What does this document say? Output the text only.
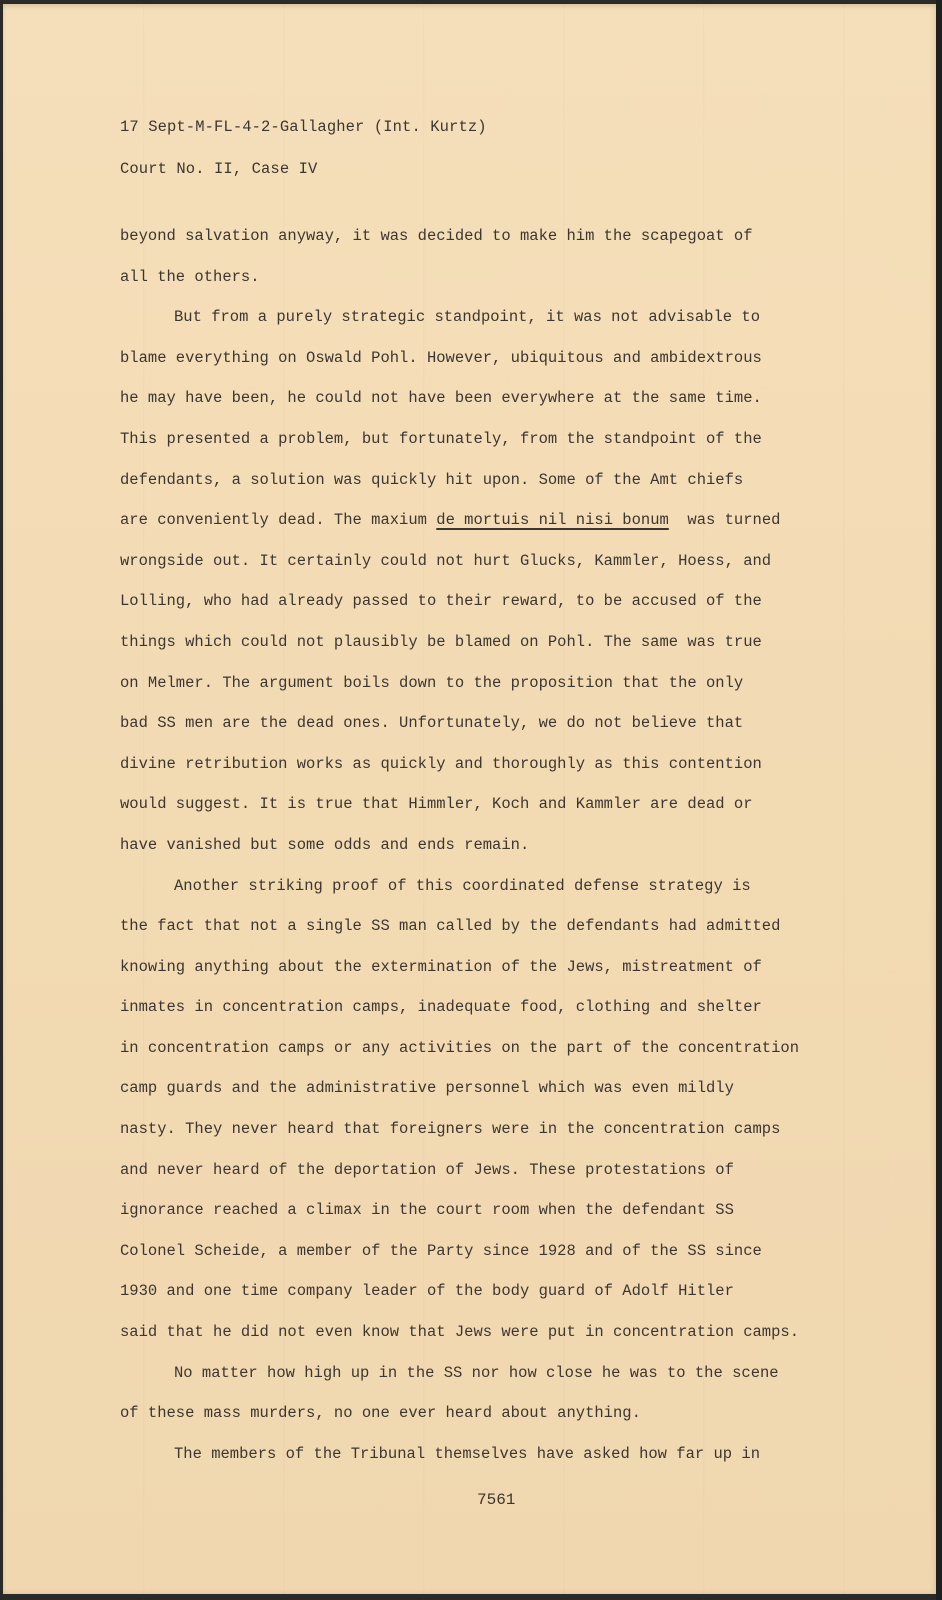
17 Sept-M-FL-4-2-Gallagher (Int. Kurtz)
Court No. II, Case IV
beyond salvation anyway, it was decided to make him the scapegoat of
all the others.
But from a purely strategic standpoint, it was not advisable to
blame everything on Oswald Pohl. However, ubiquitous and ambidextrous
he may have been, he could not have been everywhere at the same time.
This presented a problem, but fortunately, from the standpoint of the
defendants, a solution was quickly hit upon. Some of the Amt chiefs
are conveniently dead. The maxium de mortuis nil nisi bonum  was turned
wrongside out. It certainly could not hurt Glucks, Kammler, Hoess, and
Lolling, who had already passed to their reward, to be accused of the
things which could not plausibly be blamed on Pohl. The same was true
on Melmer. The argument boils down to the proposition that the only
bad SS men are the dead ones. Unfortunately, we do not believe that
divine retribution works as quickly and thoroughly as this contention
would suggest. It is true that Himmler, Koch and Kammler are dead or
have vanished but some odds and ends remain.
Another striking proof of this coordinated defense strategy is
the fact that not a single SS man called by the defendants had admitted
knowing anything about the extermination of the Jews, mistreatment of
inmates in concentration camps, inadequate food, clothing and shelter
in concentration camps or any activities on the part of the concentration
camp guards and the administrative personnel which was even mildly
nasty. They never heard that foreigners were in the concentration camps
and never heard of the deportation of Jews. These protestations of
ignorance reached a climax in the court room when the defendant SS
Colonel Scheide, a member of the Party since 1928 and of the SS since
1930 and one time company leader of the body guard of Adolf Hitler
said that he did not even know that Jews were put in concentration camps.
No matter how high up in the SS nor how close he was to the scene
of these mass murders, no one ever heard about anything.
The members of the Tribunal themselves have asked how far up in
7561
